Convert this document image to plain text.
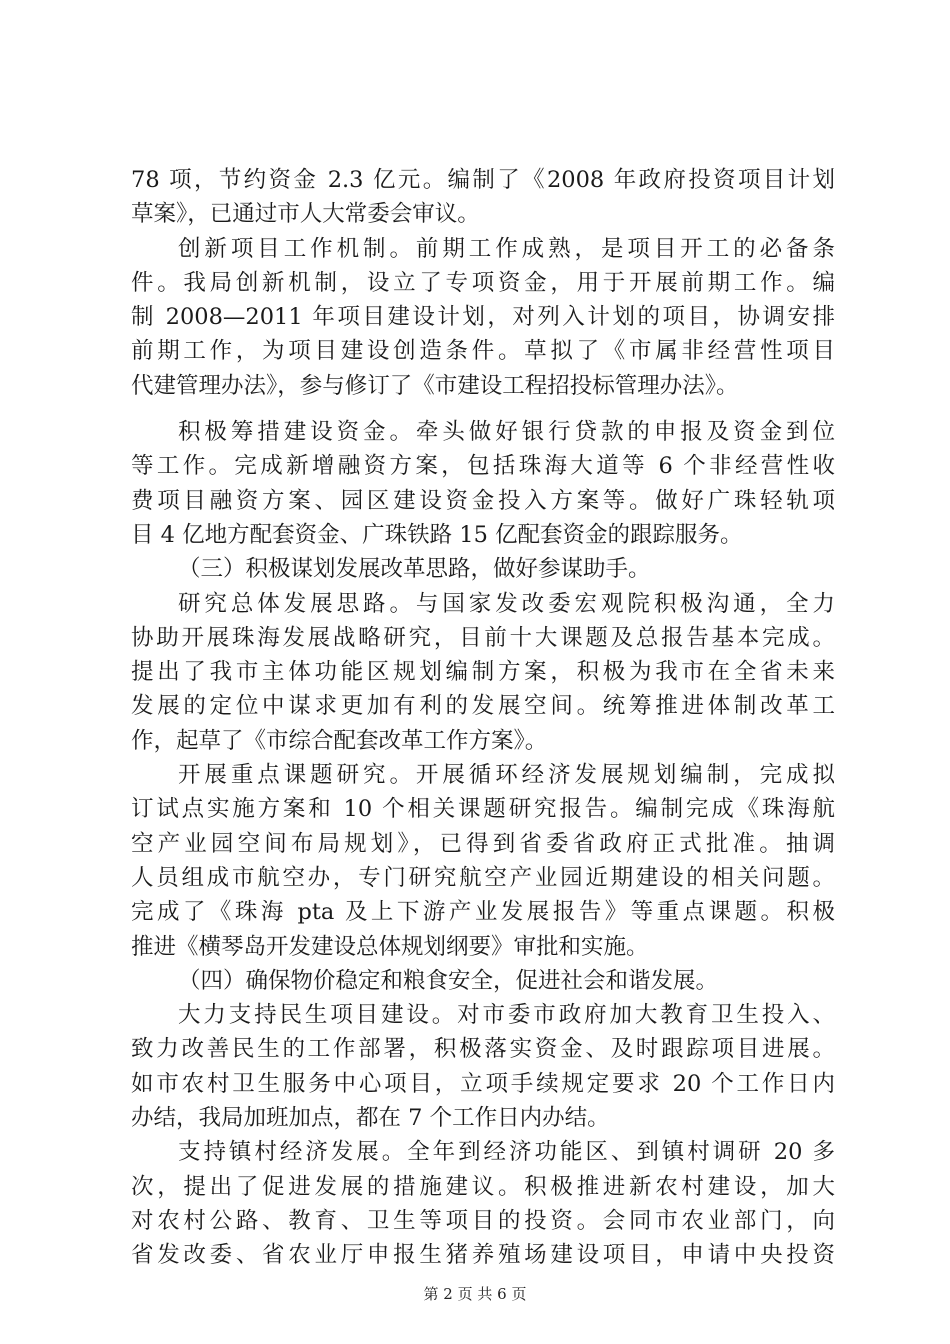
78 项，节约资金 2.3 亿元。编制了《2008 年政府投资项目计划
草案》，已通过市人大常委会审议。
创新项目工作机制。前期工作成熟，是项目开工的必备条
件。我局创新机制，设立了专项资金，用于开展前期工作。编
制 2008—2011 年项目建设计划，对列入计划的项目，协调安排
前期工作，为项目建设创造条件。草拟了《市属非经营性项目
代建管理办法》，参与修订了《市建设工程招投标管理办法》。
积极筹措建设资金。牵头做好银行贷款的申报及资金到位
等工作。完成新增融资方案，包括珠海大道等 6 个非经营性收
费项目融资方案、园区建设资金投入方案等。做好广珠轻轨项
目 4 亿地方配套资金、广珠铁路 15 亿配套资金的跟踪服务。
（三）积极谋划发展改革思路，做好参谋助手。
研究总体发展思路。与国家发改委宏观院积极沟通，全力
协助开展珠海发展战略研究，目前十大课题及总报告基本完成。
提出了我市主体功能区规划编制方案，积极为我市在全省未来
发展的定位中谋求更加有利的发展空间。统筹推进体制改革工
作，起草了《市综合配套改革工作方案》。
开展重点课题研究。开展循环经济发展规划编制，完成拟
订试点实施方案和 10 个相关课题研究报告。编制完成《珠海航
空产业园空间布局规划》，已得到省委省政府正式批准。抽调
人员组成市航空办，专门研究航空产业园近期建设的相关问题。
完成了《珠海 pta 及上下游产业发展报告》等重点课题。积极
推进《横琴岛开发建设总体规划纲要》审批和实施。
（四）确保物价稳定和粮食安全，促进社会和谐发展。
大力支持民生项目建设。对市委市政府加大教育卫生投入、
致力改善民生的工作部署，积极落实资金、及时跟踪项目进展。
如市农村卫生服务中心项目，立项手续规定要求 20 个工作日内
办结，我局加班加点，都在 7 个工作日内办结。
支持镇村经济发展。全年到经济功能区、到镇村调研 20 多
次，提出了促进发展的措施建议。积极推进新农村建设，加大
对农村公路、教育、卫生等项目的投资。会同市农业部门，向
省发改委、省农业厅申报生猪养殖场建设项目，申请中央投资
第 2 页 共 6 页
